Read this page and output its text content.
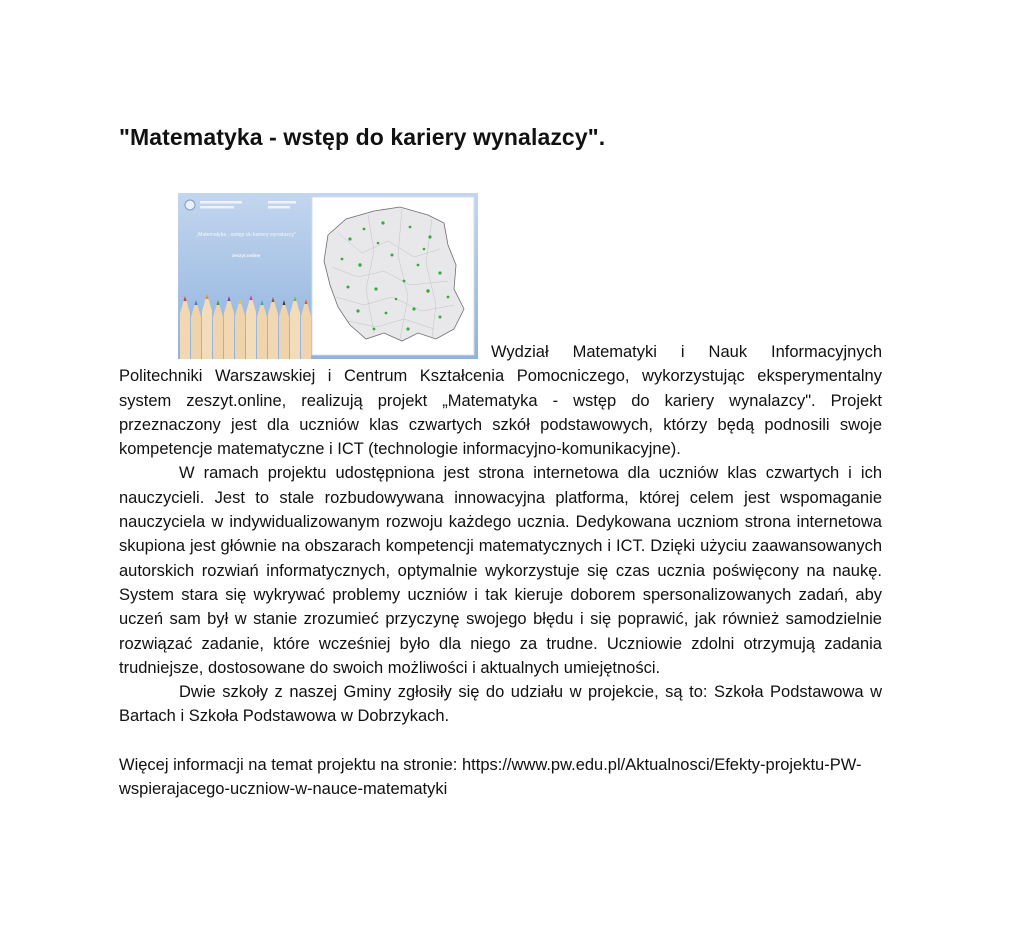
"Matematyka - wstęp do kariery wynalazcy".
„Matematyka - wstęp do kariery wynalazcy”
zeszyt.online

Wydział Matematyki i Nauk Informacyjnych Politechniki Warszawskiej i Centrum Kształcenia Pomocniczego, wykorzystując eksperymentalny system zeszyt.online, realizują projekt „Matematyka - wstęp do kariery wynalazcy". Projekt przeznaczony jest dla uczniów klas czwartych szkół podstawowych, którzy będą podnosili swoje kompetencje matematyczne i ICT (technologie informacyjno-komunikacyjne).

W ramach projektu udostępniona jest strona internetowa dla uczniów klas czwartych i ich nauczycieli. Jest to stale rozbudowywana innowacyjna platforma, której celem jest wspomaganie nauczyciela w indywidualizowanym rozwoju każdego ucznia. Dedykowana uczniom strona internetowa skupiona jest głównie na obszarach kompetencji matematycznych i ICT. Dzięki użyciu zaawansowanych autorskich rozwiań informatycznych, optymalnie wykorzystuje się czas ucznia poświęcony na naukę. System stara się wykrywać problemy uczniów i tak kieruje doborem spersonalizowanych zadań, aby uczeń sam był w stanie zrozumieć przyczynę swojego błędu i się poprawić, jak również samodzielnie rozwiązać zadanie, które wcześniej było dla niego za trudne. Uczniowie zdolni otrzymują zadania trudniejsze, dostosowane do swoich możliwości i aktualnych umiejętności.

Dwie szkoły z naszej Gminy zgłosiły się do udziału w projekcie, są to: Szkoła Podstawowa w Bartach i Szkoła Podstawowa w Dobrzykach.

Więcej informacji na temat projektu na stronie: https://www.pw.edu.pl/Aktualnosci/Efekty-projektu-PW-wspierajacego-uczniow-w-nauce-matematyki
